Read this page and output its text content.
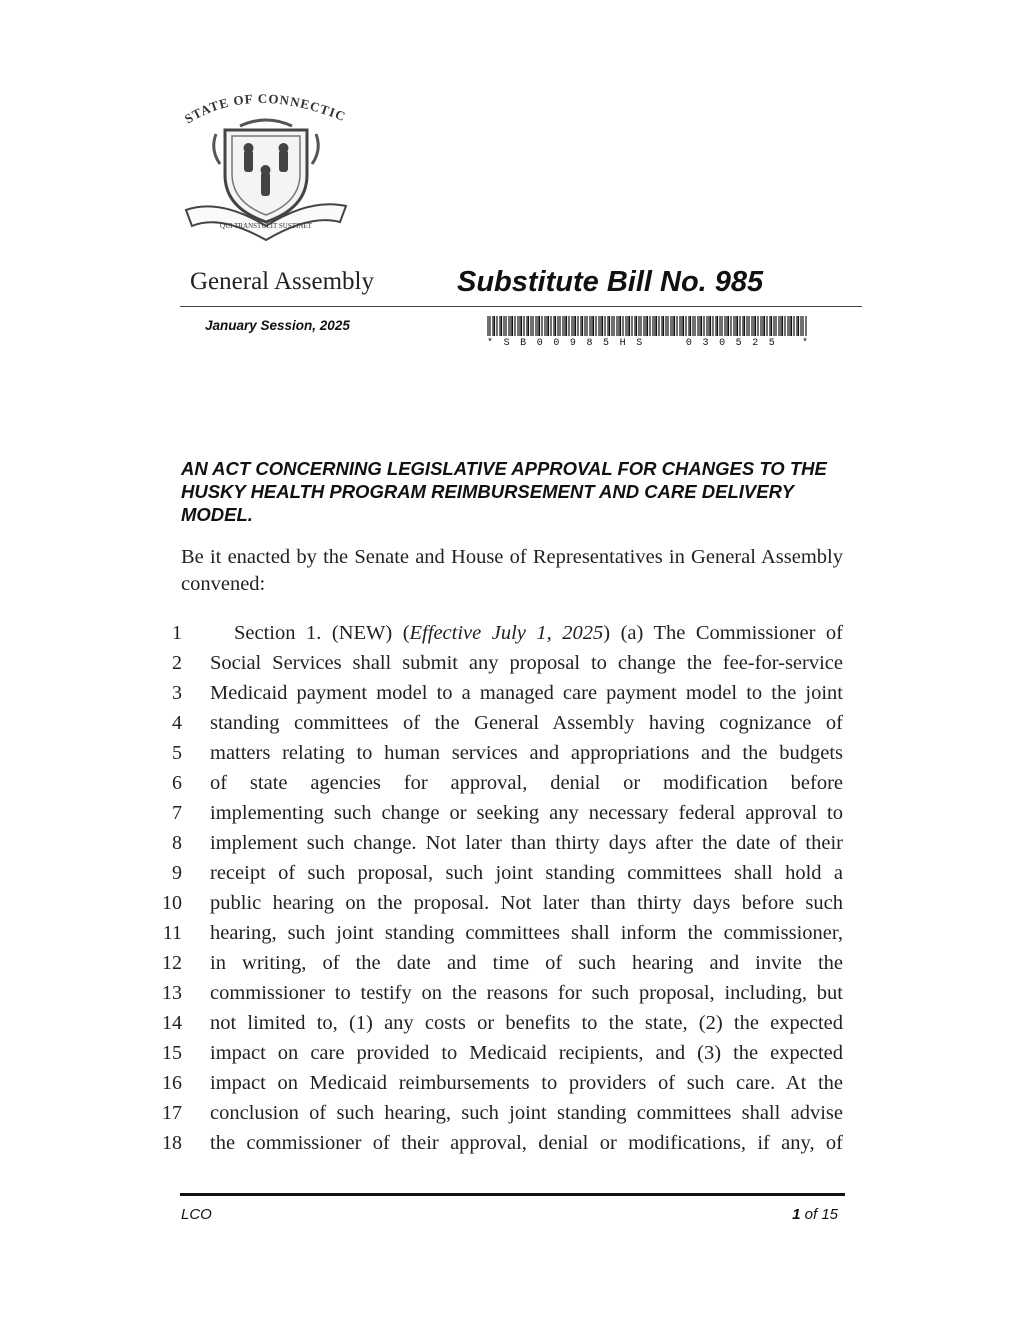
STATE OF CONNECTIC
QUI TRANSTULIT SUSTINET
General Assembly	Substitute Bill No. 985
January Session, 2025
* S B 0 0 9 8 5 H S	0 3 0 5 2 5	*

AN ACT CONCERNING LEGISLATIVE APPROVAL FOR CHANGES TO THE HUSKY HEALTH PROGRAM REIMBURSEMENT AND CARE DELIVERY MODEL.

Be it enacted by the Senate and House of Representatives in General Assembly convened:

1	Section 1. (NEW) (Effective July 1, 2025) (a) The Commissioner of
2 Social Services shall submit any proposal to change the fee-for-service
3 Medicaid payment model to a managed care payment model to the joint
4 standing committees of the General Assembly having cognizance of
5 matters relating to human services and appropriations and the budgets
6 of state agencies for approval, denial or modification before
7 implementing such change or seeking any necessary federal approval to
8 implement such change. Not later than thirty days after the date of their
9 receipt of such proposal, such joint standing committees shall hold a
10 public hearing on the proposal. Not later than thirty days before such
11 hearing, such joint standing committees shall inform the commissioner,
12 in writing, of the date and time of such hearing and invite the
13 commissioner to testify on the reasons for such proposal, including, but
14 not limited to, (1) any costs or benefits to the state, (2) the expected
15 impact on care provided to Medicaid recipients, and (3) the expected
16 impact on Medicaid reimbursements to providers of such care. At the
17 conclusion of such hearing, such joint standing committees shall advise
18 the commissioner of their approval, denial or modifications, if any, of
LCO	1 of 15
